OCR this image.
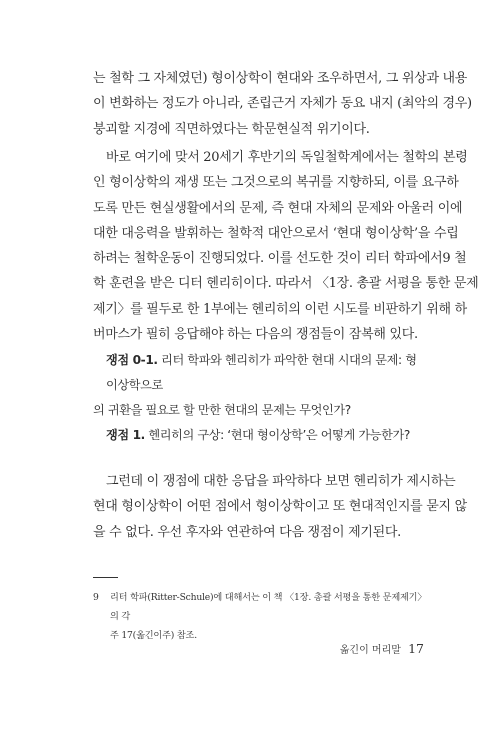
는 철학 그 자체였던) 형이상학이 현대와 조우하면서, 그 위상과 내용
이 변화하는 정도가 아니라, 존립근거 자체가 동요 내지 (최악의 경우)
붕괴할 지경에 직면하였다는 학문현실적 위기이다.
바로 여기에 맞서 20세기 후반기의 독일철학계에서는 철학의 본령
인 형이상학의 재생 또는 그것으로의 복귀를 지향하되, 이를 요구하
도록 만든 현실생활에서의 문제, 즉 현대 자체의 문제와 아울러 이에
대한 대응력을 발휘하는 철학적 대안으로서 ‘현대 형이상학’을 수립
하려는 철학운동이 진행되었다. 이를 선도한 것이 리터 학파에서9 철
학 훈련을 받은 디터 헨리히이다. 따라서 〈1장. 총괄 서평을 통한 문제
제기〉를 필두로 한 1부에는 헨리히의 이런 시도를 비판하기 위해 하
버마스가 필히 응답해야 하는 다음의 쟁점들이 잠복해 있다.
쟁점 0-1. 리터 학파와 헨리히가 파악한 현대 시대의 문제: 형이상학으로
의 귀환을 필요로 할 만한 현대의 문제는 무엇인가?
쟁점 1. 헨리히의 구상: ‘현대 형이상학’은 어떻게 가능한가?
그런데 이 쟁점에 대한 응답을 파악하다 보면 헨리히가 제시하는
현대 형이상학이 어떤 점에서 형이상학이고 또 현대적인지를 묻지 않
을 수 없다. 우선 후자와 연관하여 다음 쟁점이 제기된다.
9 리터 학파(Ritter-Schule)에 대해서는 이 책 〈1장. 총괄 서평을 통한 문제제기〉의 각
주 17(옮긴이주) 참조.
옮긴이 머리말 17
